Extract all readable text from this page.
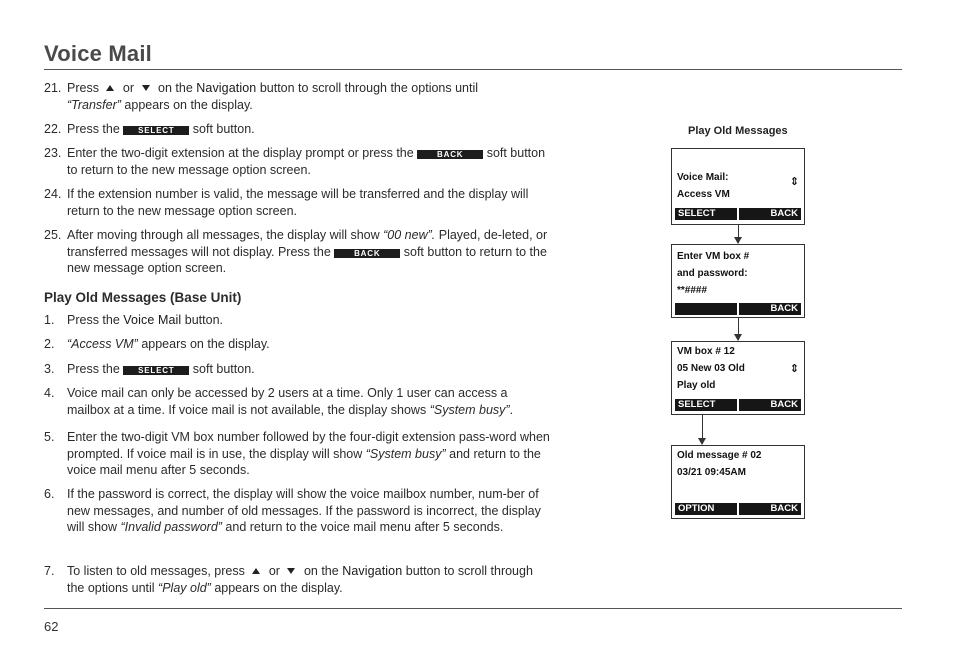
Voice Mail
21. Press or on the Navigation button to scroll through the options until
“Transfer” appears on the display.
22. Press the SELECT soft button.
23. Enter the two-digit extension at the display prompt or press the	BACK soft button to return to the new message option screen.
24. If the extension number is valid, the message will be transferred and the display will return to the new message option screen.
25. After moving through all messages, the display will show “00 new”. Played, de-leted, or transferred messages will not display. Press the	BACK soft button to return to the new message option screen.
Play Old Messages (Base Unit)
1.	Press the Voice Mail button.
2.	“Access VM” appears on the display.
3.	Press the SELECT soft button.
4.	Voice mail can only be accessed by 2 users at a time. Only 1 user can access a mailbox at a time. If voice mail is not available, the display shows “System busy”.
5.	Enter the two-digit VM box number followed by the four-digit extension pass-word when prompted. If voice mail is in use, the display will show “System busy” and return to the voice mail menu after 5 seconds.
6.	If the password is correct, the display will show the voice mailbox number, num-ber of new messages, and number of old messages. If the password is incorrect, the display will show “Invalid password” and return to the voice mail menu after 5 seconds.
7.	To listen to old messages, press or on the Navigation button to scroll through the options until “Play old” appears on the display.
Play Old Messages
Voice Mail:
Access VM
⇕
SELECT	BACK
Enter VM box #
and password:
**####
BACK
VM box # 12
05 New 03 Old
Play old
⇕
SELECT	BACK
Old message # 02
03/21 09:45AM
OPTION	BACK
62
